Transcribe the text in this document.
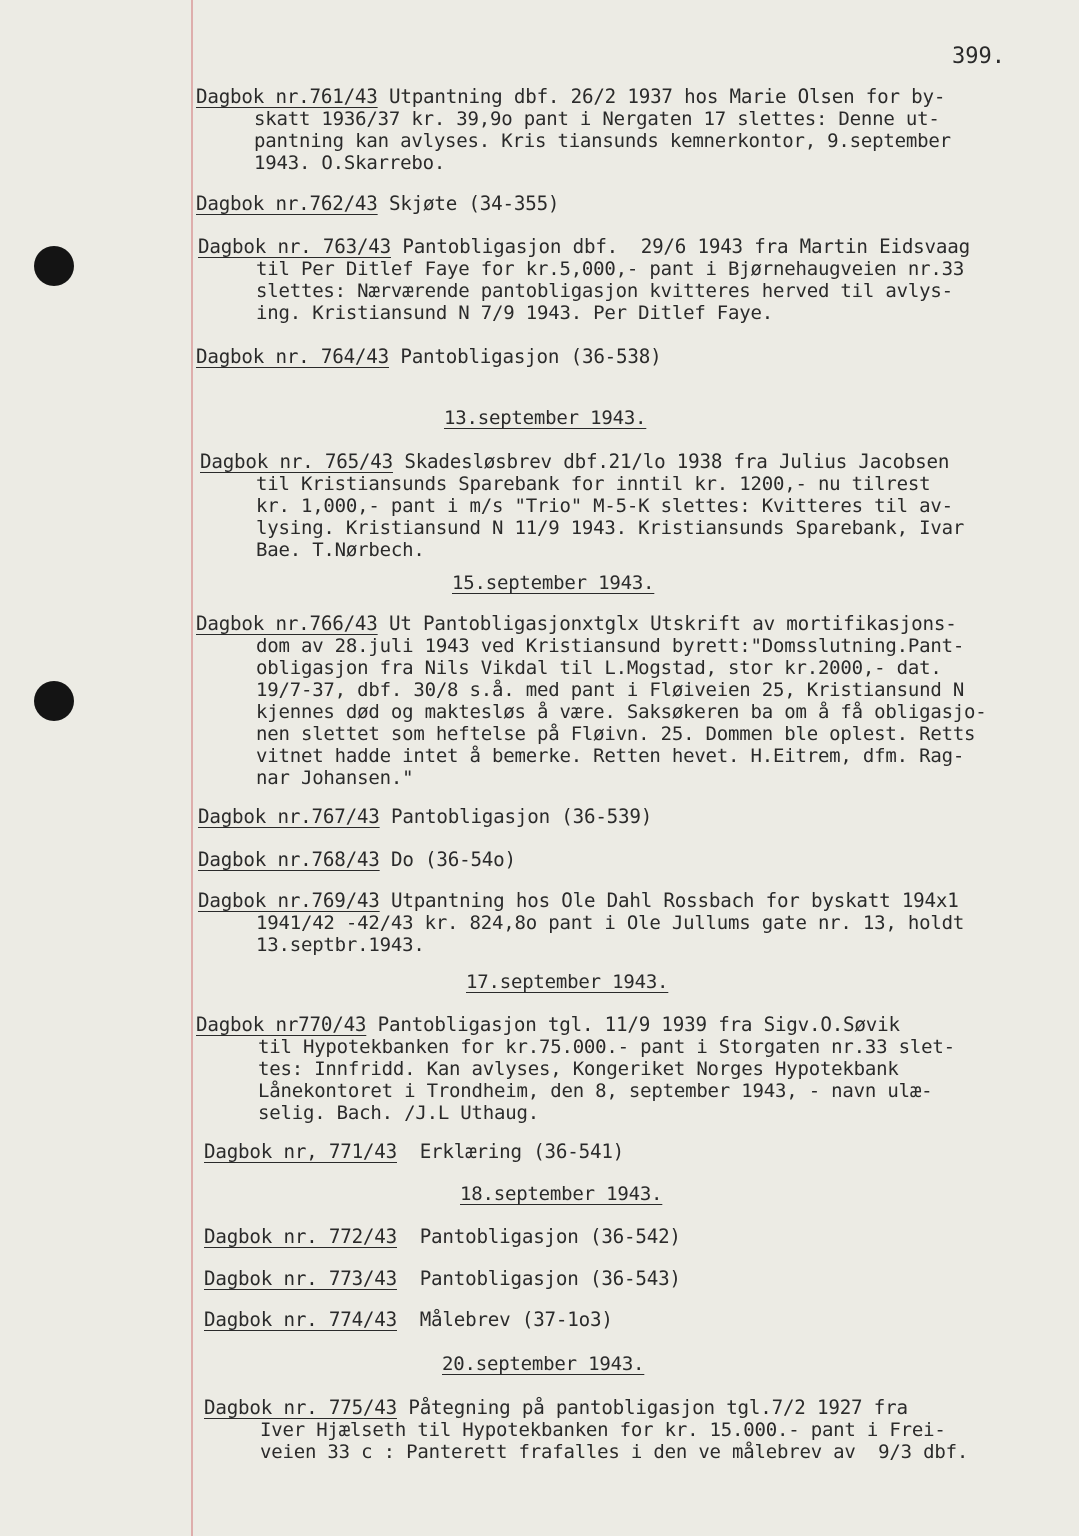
399.
Dagbok nr.761/43 Utpantning dbf. 26/2 1937 hos Marie Olsen for by-
skatt 1936/37 kr. 39,9o pant i Nergaten 17 slettes: Denne ut-
pantning kan avlyses. Kris tiansunds kemnerkontor, 9.september
1943. O.Skarrebo.
Dagbok nr.762/43 Skjøte (34-355)
Dagbok nr. 763/43 Pantobligasjon dbf.  29/6 1943 fra Martin Eidsvaag
til Per Ditlef Faye for kr.5,000,- pant i Bjørnehaugveien nr.33
slettes: Nærværende pantobligasjon kvitteres herved til avlys-
ing. Kristiansund N 7/9 1943. Per Ditlef Faye.
Dagbok nr. 764/43 Pantobligasjon (36-538)
13.september 1943.
Dagbok nr. 765/43 Skadesløsbrev dbf.21/lo 1938 fra Julius Jacobsen
til Kristiansunds Sparebank for inntil kr. 1200,- nu tilrest
kr. 1,000,- pant i m/s "Trio" M-5-K slettes: Kvitteres til av-
lysing. Kristiansund N 11/9 1943. Kristiansunds Sparebank, Ivar
Bae. T.Nørbech.
15.september 1943.
Dagbok nr.766/43 Ut Pantobligasjonxtglx Utskrift av mortifikasjons-
dom av 28.juli 1943 ved Kristiansund byrett:"Domsslutning.Pant-
obligasjon fra Nils Vikdal til L.Mogstad, stor kr.2000,- dat.
19/7-37, dbf. 30/8 s.å. med pant i Fløiveien 25, Kristiansund N
kjennes død og maktesløs å være. Saksøkeren ba om å få obligasjo-
nen slettet som heftelse på Fløivn. 25. Dommen ble oplest. Retts
vitnet hadde intet å bemerke. Retten hevet. H.Eitrem, dfm. Rag-
nar Johansen."
Dagbok nr.767/43 Pantobligasjon (36-539)
Dagbok nr.768/43 Do (36-54o)
Dagbok nr.769/43 Utpantning hos Ole Dahl Rossbach for byskatt 194x1
1941/42 -42/43 kr. 824,8o pant i Ole Jullums gate nr. 13, holdt
13.septbr.1943.
17.september 1943.
Dagbok nr770/43 Pantobligasjon tgl. 11/9 1939 fra Sigv.O.Søvik
til Hypotekbanken for kr.75.000.- pant i Storgaten nr.33 slet-
tes: Innfridd. Kan avlyses, Kongeriket Norges Hypotekbank
Lånekontoret i Trondheim, den 8, september 1943, - navn ulæ-
selig. Bach. /J.L Uthaug.
Dagbok nr, 771/43  Erklæring (36-541)
18.september 1943.
Dagbok nr. 772/43  Pantobligasjon (36-542)
Dagbok nr. 773/43  Pantobligasjon (36-543)
Dagbok nr. 774/43  Målebrev (37-1o3)
20.september 1943.
Dagbok nr. 775/43 Påtegning på pantobligasjon tgl.7/2 1927 fra
Iver Hjælseth til Hypotekbanken for kr. 15.000.- pant i Frei-
veien 33 c : Panterett frafalles i den ve målebrev av  9/3 dbf.
